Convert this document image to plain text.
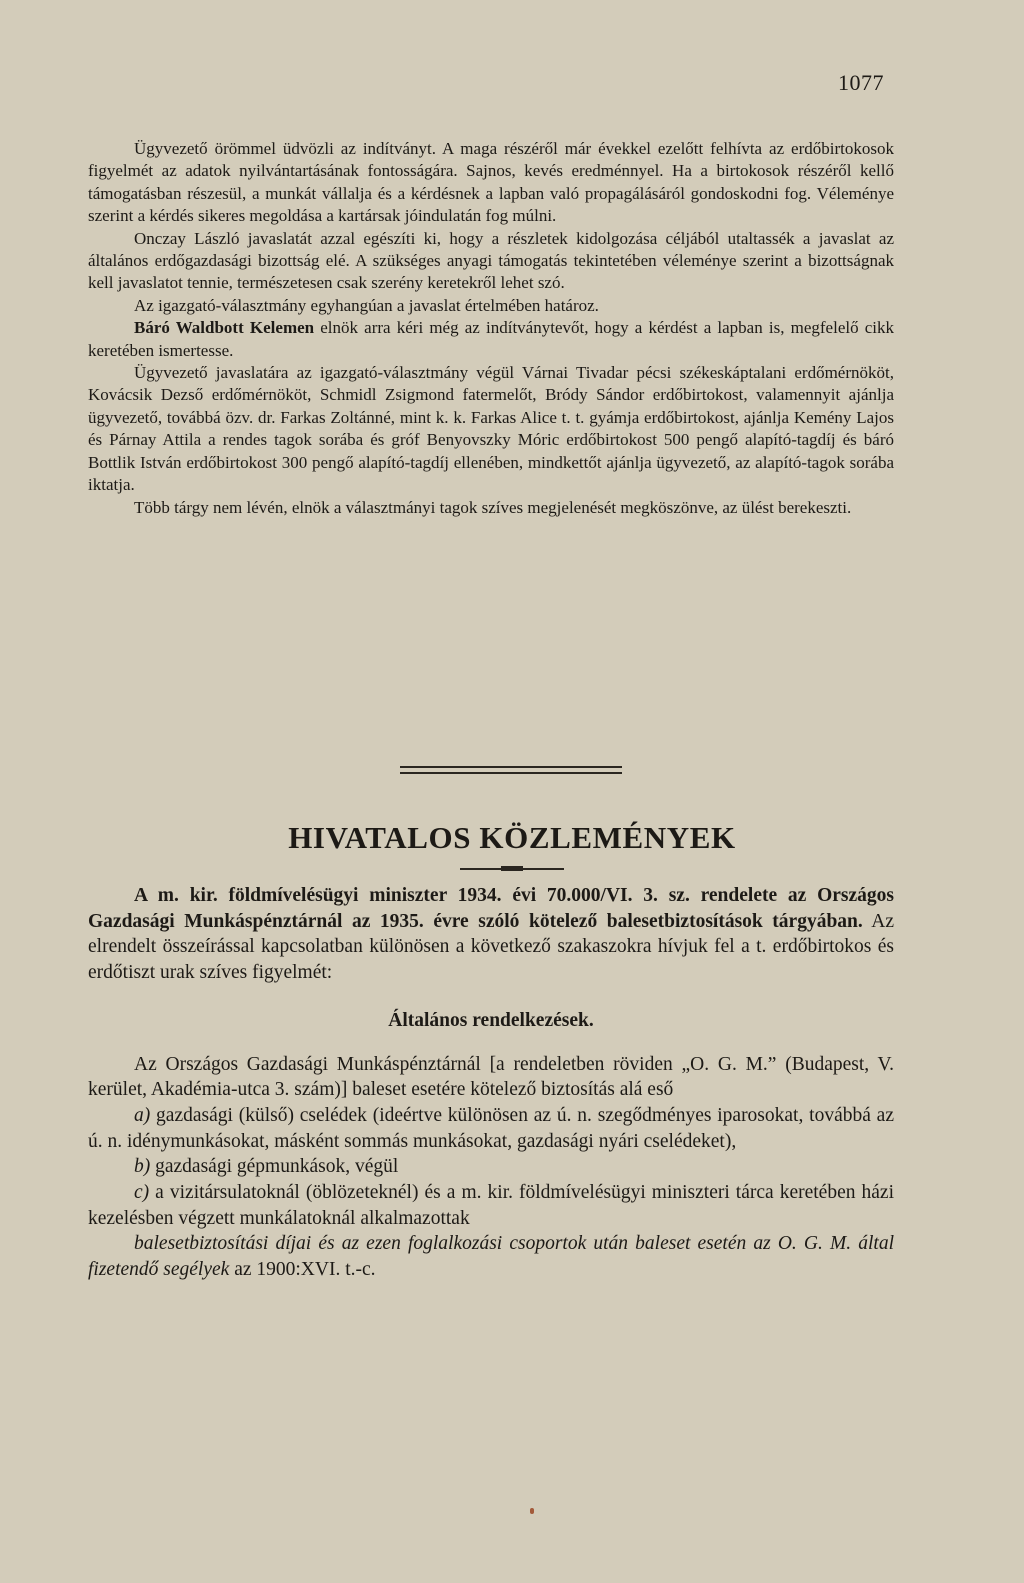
1077

Ügyvezető örömmel üdvözli az indítványt. A maga részéről már évekkel ezelőtt felhívta az erdőbirtokosok figyelmét az adatok nyilvántartásának fontosságára. Sajnos, kevés eredménnyel. Ha a birtokosok részéről kellő támogatásban részesül, a munkát vállalja és a kérdésnek a lapban való propagálásáról gondoskodni fog. Véleménye szerint a kérdés sikeres megoldása a kartársak jóindulatán fog múlni.

Onczay László javaslatát azzal egészíti ki, hogy a részletek kidolgozása céljából utaltassék a javaslat az általános erdőgazdasági bizottság elé. A szükséges anyagi támogatás tekintetében véleménye szerint a bizottságnak kell javaslatot tennie, természetesen csak szerény keretekről lehet szó.

Az igazgató-választmány egyhangúan a javaslat értelmében határoz.

Báró Waldbott Kelemen elnök arra kéri még az indítványtevőt, hogy a kérdést a lapban is, megfelelő cikk keretében ismertesse.

Ügyvezető javaslatára az igazgató-választmány végül Várnai Tivadar pécsi székeskáptalani erdőmérnököt, Kovácsik Dezső erdőmérnököt, Schmidl Zsigmond fatermelőt, Bródy Sándor erdőbirtokost, valamennyit ajánlja ügyvezető, továbbá özv. dr. Farkas Zoltánné, mint k. k. Farkas Alice t. t. gyámja erdőbirtokost, ajánlja Kemény Lajos és Párnay Attila a rendes tagok sorába és gróf Benyovszky Móric erdőbirtokost 500 pengő alapító-tagdíj és báró Bottlik István erdőbirtokost 300 pengő alapító-tagdíj ellenében, mindkettőt ajánlja ügyvezető, az alapító-tagok sorába iktatja.

Több tárgy nem lévén, elnök a választmányi tagok szíves megjelenését megköszönve, az ülést berekeszti.

HIVATALOS KÖZLEMÉNYEK

A m. kir. földmívelésügyi miniszter 1934. évi 70.000/VI. 3. sz. rendelete az Országos Gazdasági Munkáspénztárnál az 1935. évre szóló kötelező balesetbiztosítások tárgyában. Az elrendelt összeírással kapcsolatban különösen a következő szakaszokra hívjuk fel a t. erdőbirtokos és erdőtiszt urak szíves figyelmét:

Általános rendelkezések.

Az Országos Gazdasági Munkáspénztárnál [a rendeletben röviden „O. G. M.” (Budapest, V. kerület, Akadémia-utca 3. szám)] baleset esetére kötelező biztosítás alá eső

a) gazdasági (külső) cselédek (ideértve különösen az ú. n. szegődményes iparosokat, továbbá az ú. n. idénymunkásokat, másként sommás munkásokat, gazdasági nyári cselédeket),

b) gazdasági gépmunkások, végül

c) a vizitársulatoknál (öblözeteknél) és a m. kir. földmívelésügyi miniszteri tárca keretében házi kezelésben végzett munkálatoknál alkalmazottak

balesetbiztosítási díjai és az ezen foglalkozási csoportok után baleset esetén az O. G. M. által fizetendő segélyek az 1900:XVI. t.-c.
